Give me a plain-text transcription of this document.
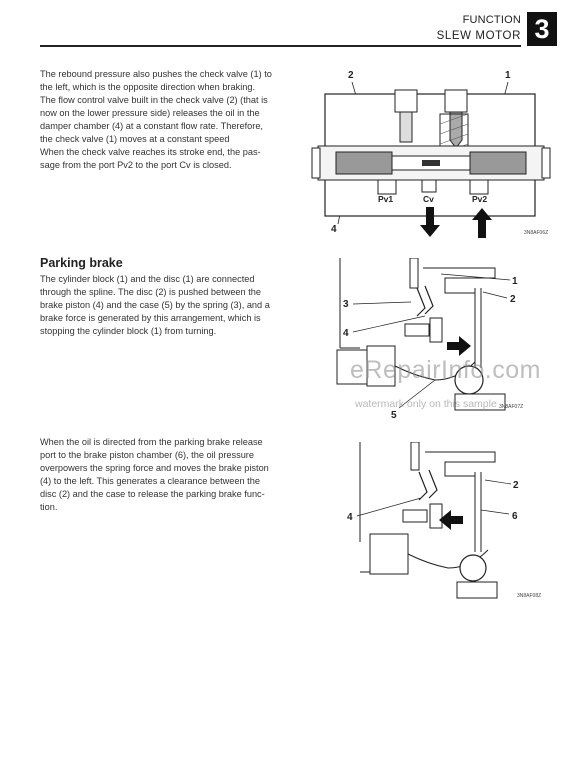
FUNCTION
SLEW MOTOR 3
The rebound pressure also pushes the check valve (1) to
the left, which is the opposite direction when braking.
The flow control valve built in the check valve (2) (that is
now on the lower pressure side) releases the oil in the
damper chamber (4) at a constant flow rate. Therefore,
the check valve (1) moves at a constant speed
When the check valve reaches its stroke end, the pas-
sage from the port Pv2 to the port Cv is closed.
Parking brake
The cylinder block (1) and the disc (1) are connected
through the spline. The disc (2) is pushed between the
brake piston (4) and the case (5) by the spring (3), and a
brake force is generated by this arrangement, which is
stopping the cylinder block (1) from turning.
When the oil is directed from the parking brake release
port to the brake piston chamber (6), the oil pressure
overpowers the spring force and moves the brake piston
(4) to the left. This generates a clearance between the
disc (2) and the case to release the parking brake func-
tion.
2	1
4
Pv1	Cv	Pv2
3N8AF06Z
1
2
3
4
5
3N8AF07Z
2
4	6
3N8AF08Z
eRepairInfo.com
watermark only on this sample
